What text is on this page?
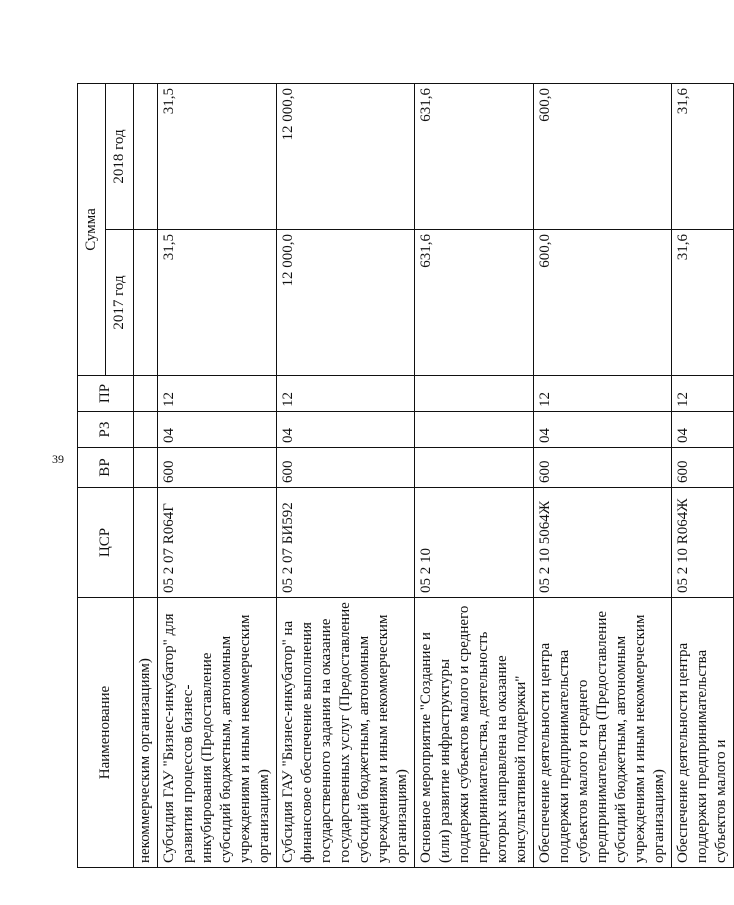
39
Наименование	ЦСР	ВР	РЗ	ПР	Сумма	
					2017 год	2018 год
некоммерческим организациям)						
Субсидия ГАУ "Бизнес-инкубатор" для развития процессов бизнес-инкубирования (Предоставление субсидий бюджетным, автономным учреждениям и иным некоммерческим организациям)	05 2 07 R064Г	600	04	12	31,5	31,5
Субсидия ГАУ "Бизнес-инкубатор" на финансовое обеспечение выполнения государственного задания на оказание государственных услуг (Предоставление субсидий бюджетным, автономным учреждениям и иным некоммерческим организациям)	05 2 07 БИ592	600	04	12	12 000,0	12 000,0
Основное мероприятие "Создание и (или) развитие инфраструктуры поддержки субъектов малого и среднего предпринимательства, деятельность которых направлена на оказание консультативной поддержки"	05 2 10				631,6	631,6
Обеспечение деятельности центра поддержки предпринимательства субъектов малого и среднего предпринимательства (Предоставление субсидий бюджетным, автономным учреждениям и иным некоммерческим организациям)	05 2 10 5064Ж	600	04	12	600,0	600,0
Обеспечение деятельности центра поддержки предпринимательства субъектов малого и	05 2 10 R064Ж	600	04	12	31,6	31,6
